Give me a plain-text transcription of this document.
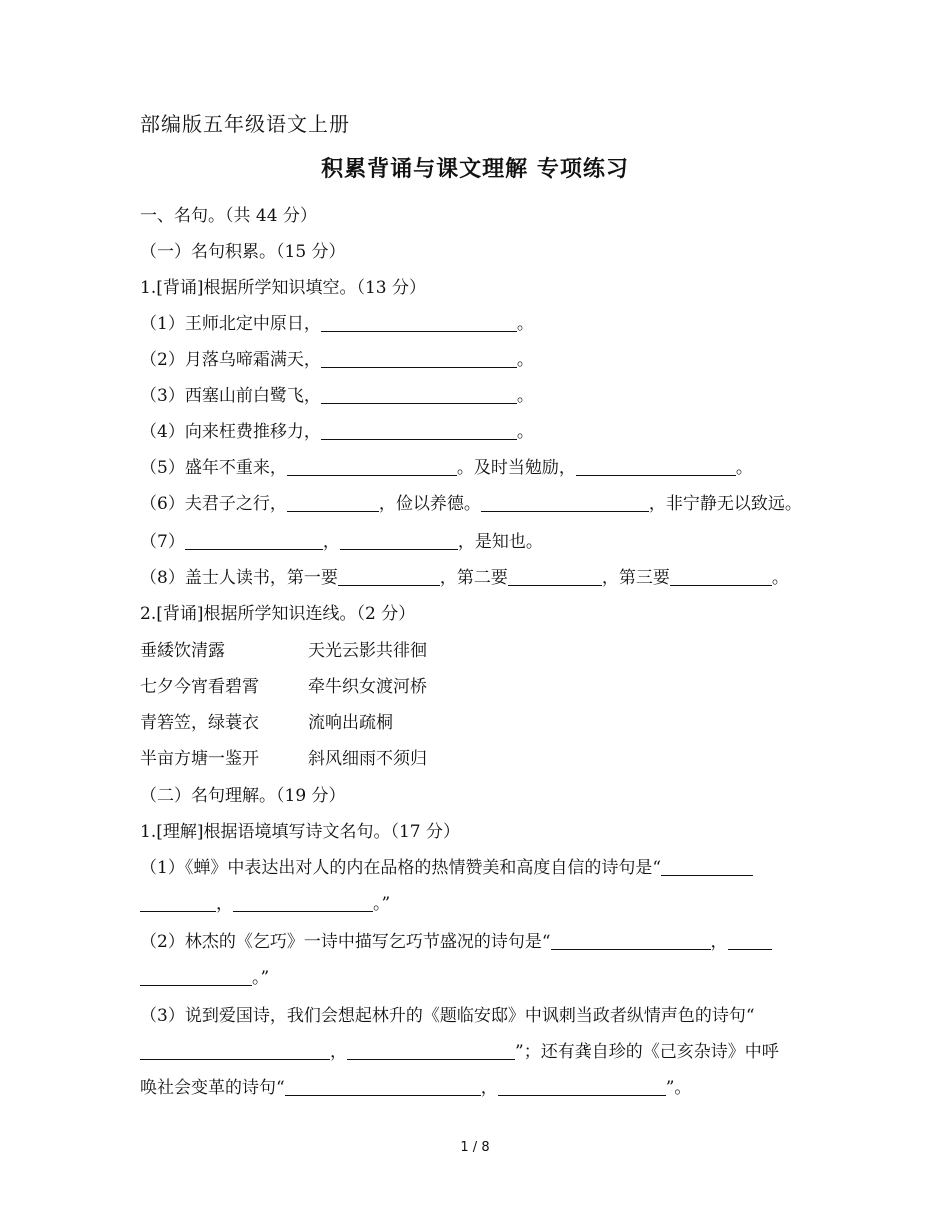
部编版五年级语文上册
积累背诵与课文理解 专项练习
一、名句。（共 44 分）
（一）名句积累。（15 分）
1.[背诵]根据所学知识填空。（13 分）
（1）王师北定中原日，	。
（2）月落乌啼霜满天，	。
（3）西塞山前白鹭飞，	。
（4）向来枉费推移力，	。
（5）盛年不重来，	。及时当勉励，	。
（6）夫君子之行，	，俭以养德。	，非宁静无以致远。
（7）	，	，是知也。
（8）盖士人读书，第一要	，第二要	，第三要	。
2.[背诵]根据所学知识连线。（2 分）
垂緌饮清露	天光云影共徘徊
七夕今宵看碧霄	牵牛织女渡河桥
青箬笠，绿蓑衣	流响出疏桐
半亩方塘一鉴开	斜风细雨不须归
（二）名句理解。（19 分）
1.[理解]根据语境填写诗文名句。（17 分）
（1）《蝉》中表达出对人的内在品格的热情赞美和高度自信的诗句是“
，	。”
（2）林杰的《乞巧》一诗中描写乞巧节盛况的诗句是“	，
。”
（3）说到爱国诗，我们会想起林升的《题临安邸》中讽刺当政者纵情声色的诗句“
，	”；还有龚自珍的《己亥杂诗》中呼
唤社会变革的诗句“	，	”。
1 / 8
